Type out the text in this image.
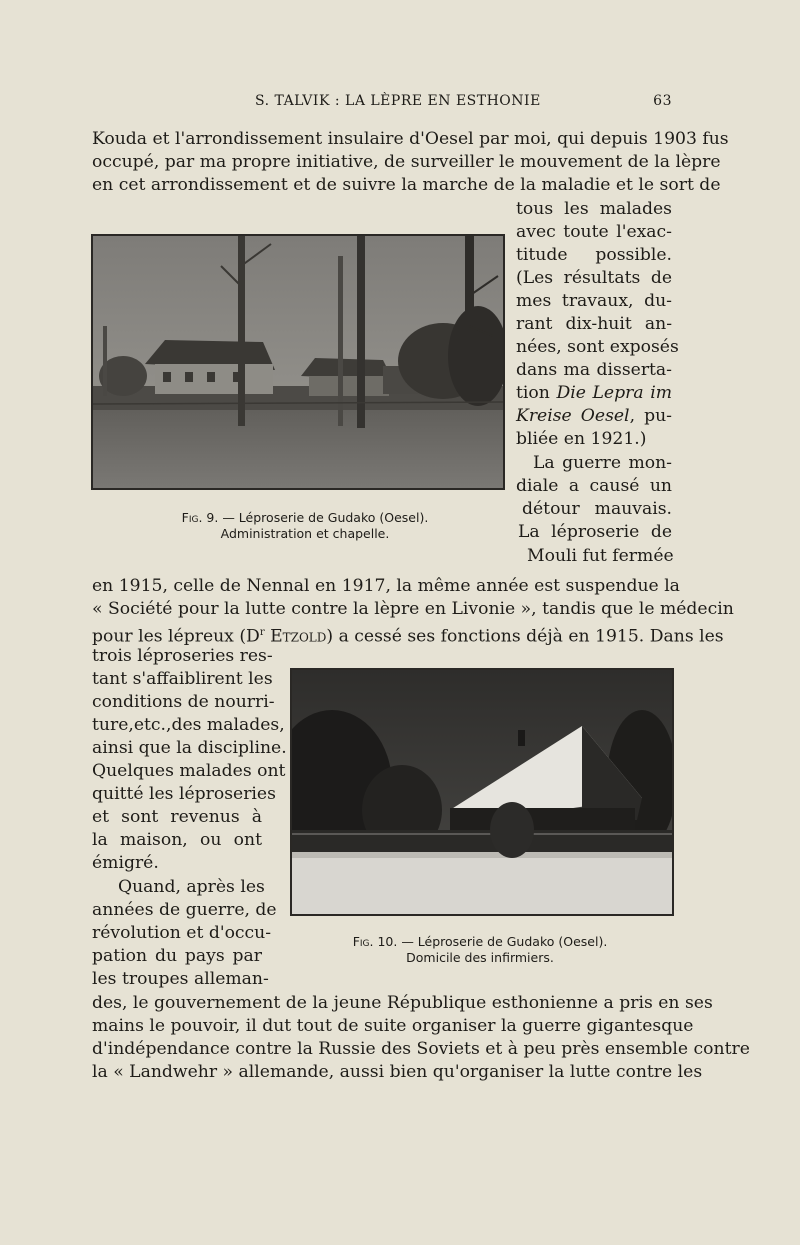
S. TALVIK : LA LÈPRE EN ESTHONIE	63
Kouda et l'arrondissement insulaire d'Oesel par moi, qui depuis 1903 fus
occupé, par ma propre initiative, de surveiller le mouvement de la lèpre
en cet arrondissement et de suivre la marche de la maladie et le sort de
tous les malades
avec toute l'exac-
titude possible.
(Les résultats de
mes travaux, du-
rant dix-huit an-
nées, sont exposés
dans ma disserta-
tion Die Lepra im
Kreise Oesel, pu-
bliée en 1921.)
La guerre mon-
diale a causé un
détour mauvais.
La léproserie de
Mouli fut fermée
Fig. 9. — Léproserie de Gudako (Oesel).
Administration et chapelle.
en 1915, celle de Nennal en 1917, la même année est suspendue la
« Société pour la lutte contre la lèpre en Livonie », tandis que le médecin
pour les lépreux ($D^r$ Etzold) a cessé ses fonctions déjà en 1915. Dans les
trois léproseries res-
tant s'affaiblirent les
conditions de nourri-
ture,etc.,des malades,
ainsi que la discipline.
Quelques malades ont
quitté les léproseries
et sont revenus à
la maison, ou ont
émigré.
Quand, après les
années de guerre, de
révolution et d'occu-
pation du pays par
les troupes alleman-
Fig. 10. — Léproserie de Gudako (Oesel).
Domicile des infirmiers.
des, le gouvernement de la jeune République esthonienne a pris en ses
mains le pouvoir, il dut tout de suite organiser la guerre gigantesque
d'indépendance contre la Russie des Soviets et à peu près ensemble contre
la « Landwehr » allemande, aussi bien qu'organiser la lutte contre les
